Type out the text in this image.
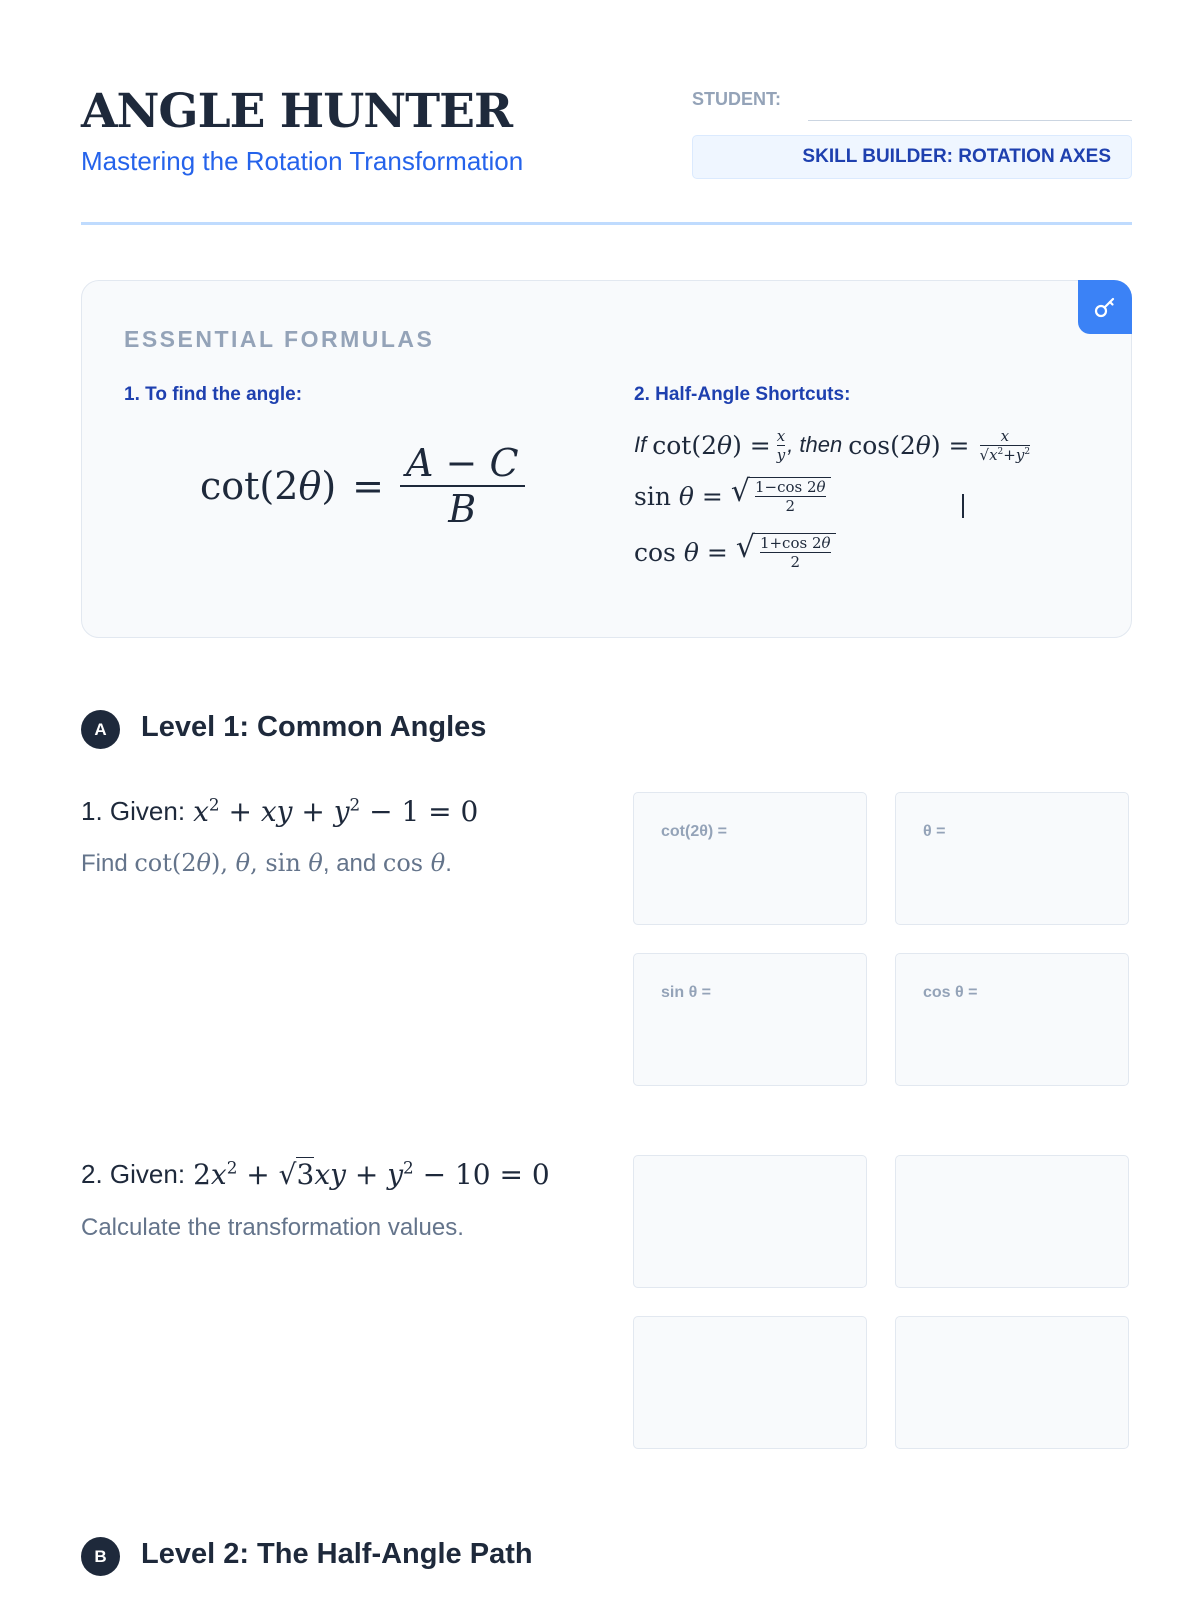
ANGLE HUNTER
Mastering the Rotation Transformation
STUDENT:
SKILL BUILDER: ROTATION AXES
ESSENTIAL FORMULAS
1. To find the angle:	2. Half-Angle Shortcuts:
$\cot(2\theta) = \frac{A - C}{B}$	If cot(2θ) = x
y , then cos(2θ) = x
$√x^2+y^2$
sin θ = √ 1−cos 2θ
2
cos θ = √ 1+cos 2θ
2
A	Level 1: Common Angles
1. Given: $x^2$ + xy + $y^2 - 1 = 0$
Find cot(2θ), θ, sin θ, and cos θ.
cot(2θ) =	θ =
sin θ =	cos θ =
2. Given: $2x^2 + √3xy + y^2 - 10 = 0$
Calculate the transformation values.
B	Level 2: The Half-Angle Path
